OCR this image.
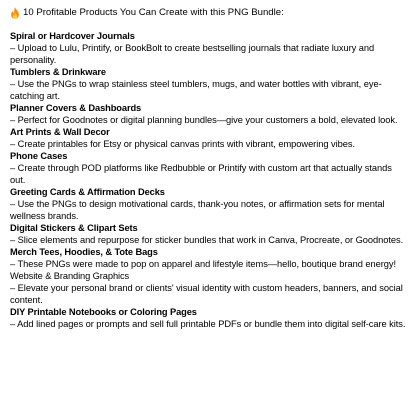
10 Profitable Products You Can Create with this PNG Bundle:
Spiral or Hardcover Journals
– Upload to Lulu, Printify, or BookBolt to create bestselling journals that radiate luxury and personality.
Tumblers & Drinkware
– Use the PNGs to wrap stainless steel tumblers, mugs, and water bottles with vibrant, eye-catching art.
Planner Covers & Dashboards
– Perfect for Goodnotes or digital planning bundles—give your customers a bold, elevated look.
Art Prints & Wall Decor
– Create printables for Etsy or physical canvas prints with vibrant, empowering vibes.
Phone Cases
– Create through POD platforms like Redbubble or Printify with custom art that actually stands out.
Greeting Cards & Affirmation Decks
– Use the PNGs to design motivational cards, thank-you notes, or affirmation sets for mental wellness brands.
Digital Stickers & Clipart Sets
– Slice elements and repurpose for sticker bundles that work in Canva, Procreate, or Goodnotes.
Merch Tees, Hoodies, & Tote Bags
– These PNGs were made to pop on apparel and lifestyle items—hello, boutique brand energy!
Website & Branding Graphics
– Elevate your personal brand or clients' visual identity with custom headers, banners, and social content.
DIY Printable Notebooks or Coloring Pages
– Add lined pages or prompts and sell full printable PDFs or bundle them into digital self-care kits.
